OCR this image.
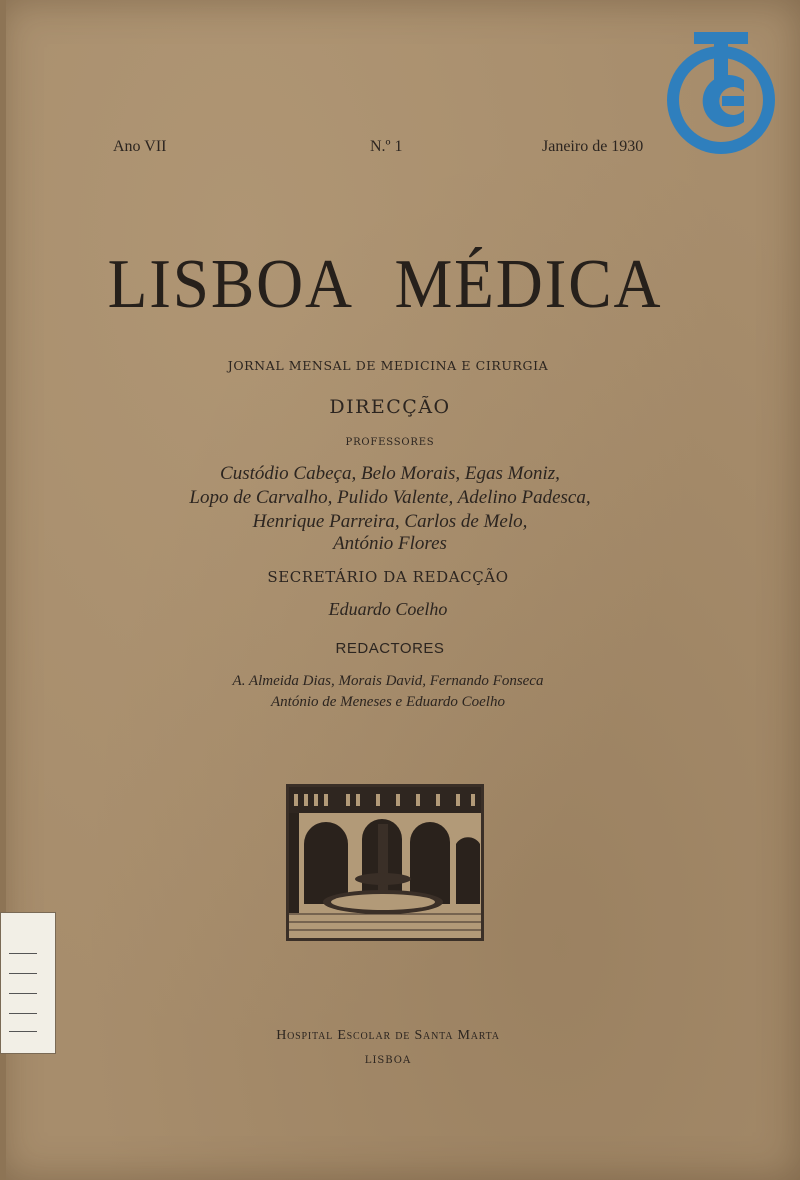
Ano VII	N.º 1	Janeiro de 1930
LISBOA MÉDICA
JORNAL MENSAL DE MEDICINA E CIRURGIA
DIRECÇÃO
PROFESSORES
Custódio Cabeça, Belo Morais, Egas Moniz,
Lopo de Carvalho, Pulido Valente, Adelino Padesca,
Henrique Parreira, Carlos de Melo,
António Flores
SECRETÁRIO DA REDACÇÃO
Eduardo Coelho
REDACTORES
A. Almeida Dias, Morais David, Fernando Fonseca
António de Meneses e Eduardo Coelho
Hospital Escolar de Santa Marta
LISBOA
